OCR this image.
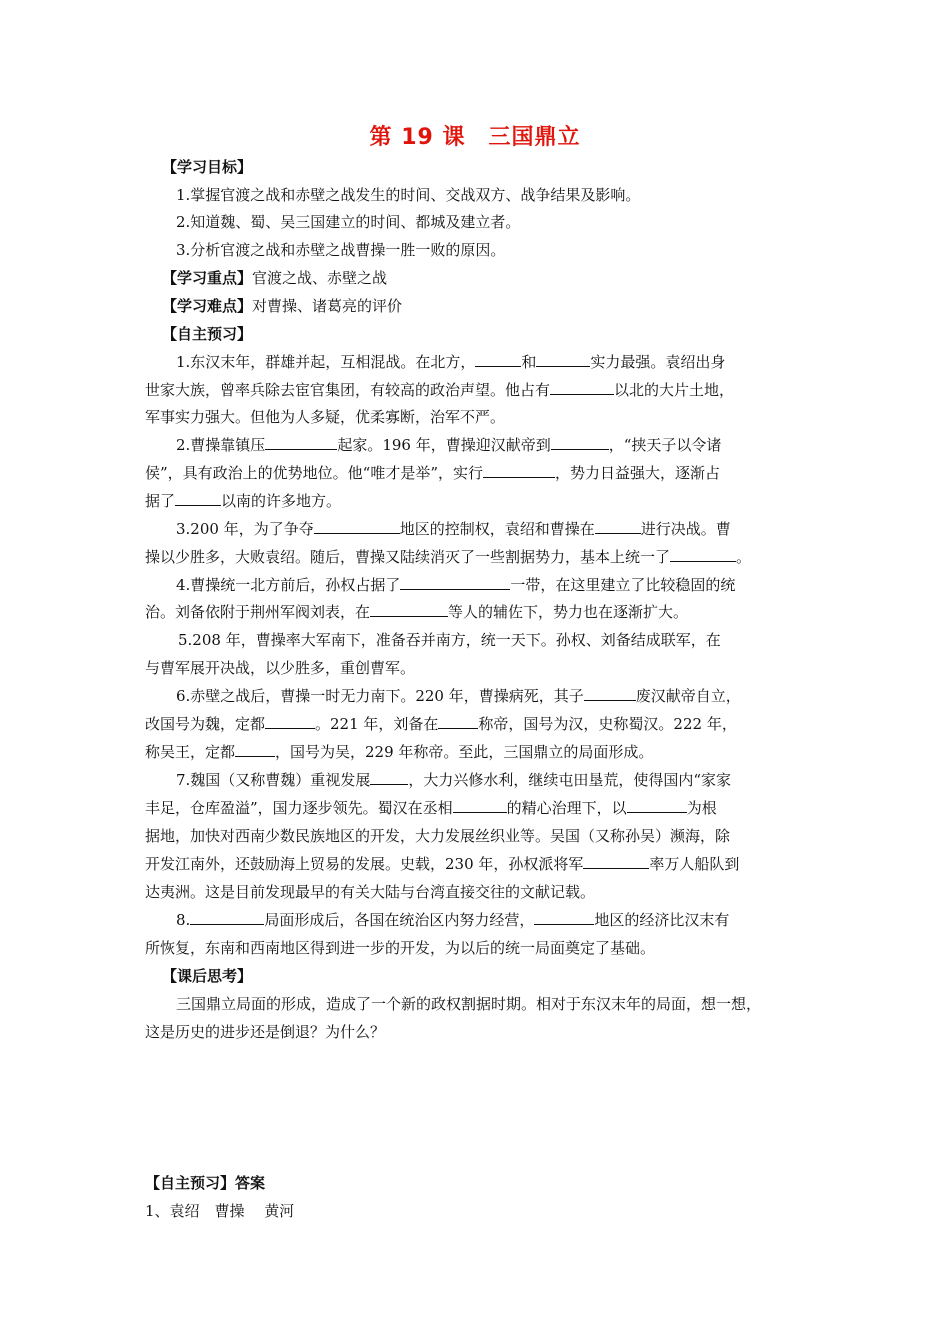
第 19 课　三国鼎立
【学习目标】
1.掌握官渡之战和赤壁之战发生的时间、交战双方、战争结果及影响。
2.知道魏、蜀、吴三国建立的时间、都城及建立者。
3.分析官渡之战和赤壁之战曹操一胜一败的原因。
【学习重点】官渡之战、赤壁之战
【学习难点】对曹操、诸葛亮的评价
【自主预习】
1.东汉末年，群雄并起，互相混战。在北方，	和	实力最强。袁绍出身
世家大族，曾率兵除去宦官集团，有较高的政治声望。他占有	以北的大片土地，
军事实力强大。但他为人多疑，优柔寡断，治军不严。
2.曹操靠镇压	起家。196 年，曹操迎汉献帝到	，“挟天子以令诸
侯”，具有政治上的优势地位。他“唯才是举”，实行	，势力日益强大，逐渐占
据了	以南的许多地方。
3.200 年，为了争夺	地区的控制权，袁绍和曹操在	进行决战。曹
操以少胜多，大败袁绍。随后，曹操又陆续消灭了一些割据势力，基本上统一了	。
4.曹操统一北方前后，孙权占据了	一带，在这里建立了比较稳固的统
治。刘备依附于荆州军阀刘表，在	等人的辅佐下，势力也在逐渐扩大。
5.208 年，曹操率大军南下，准备吞并南方，统一天下。孙权、刘备结成联军，在
与曹军展开决战，以少胜多，重创曹军。
6.赤壁之战后，曹操一时无力南下。220 年，曹操病死，其子	废汉献帝自立，
改国号为魏，定都	。221 年，刘备在	称帝，国号为汉，史称蜀汉。222 年，
称吴王，定都	，国号为吴，229 年称帝。至此，三国鼎立的局面形成。
7.魏国（又称曹魏）重视发展	，大力兴修水利，继续屯田垦荒，使得国内“家家
丰足，仓库盈溢”，国力逐步领先。蜀汉在丞相	的精心治理下，以	为根
据地，加快对西南少数民族地区的开发，大力发展丝织业等。吴国（又称孙吴）濒海，除
开发江南外，还鼓励海上贸易的发展。史载，230 年，孙权派将军	率万人船队到
达夷洲。这是目前发现最早的有关大陆与台湾直接交往的文献记载。
8.	局面形成后，各国在统治区内努力经营，	地区的经济比汉末有
所恢复，东南和西南地区得到进一步的开发，为以后的统一局面奠定了基础。
【课后思考】
三国鼎立局面的形成，造成了一个新的政权割据时期。相对于东汉末年的局面，想一想，
这是历史的进步还是倒退？为什么？
【自主预习】答案
1、袁绍　曹操　 黄河
